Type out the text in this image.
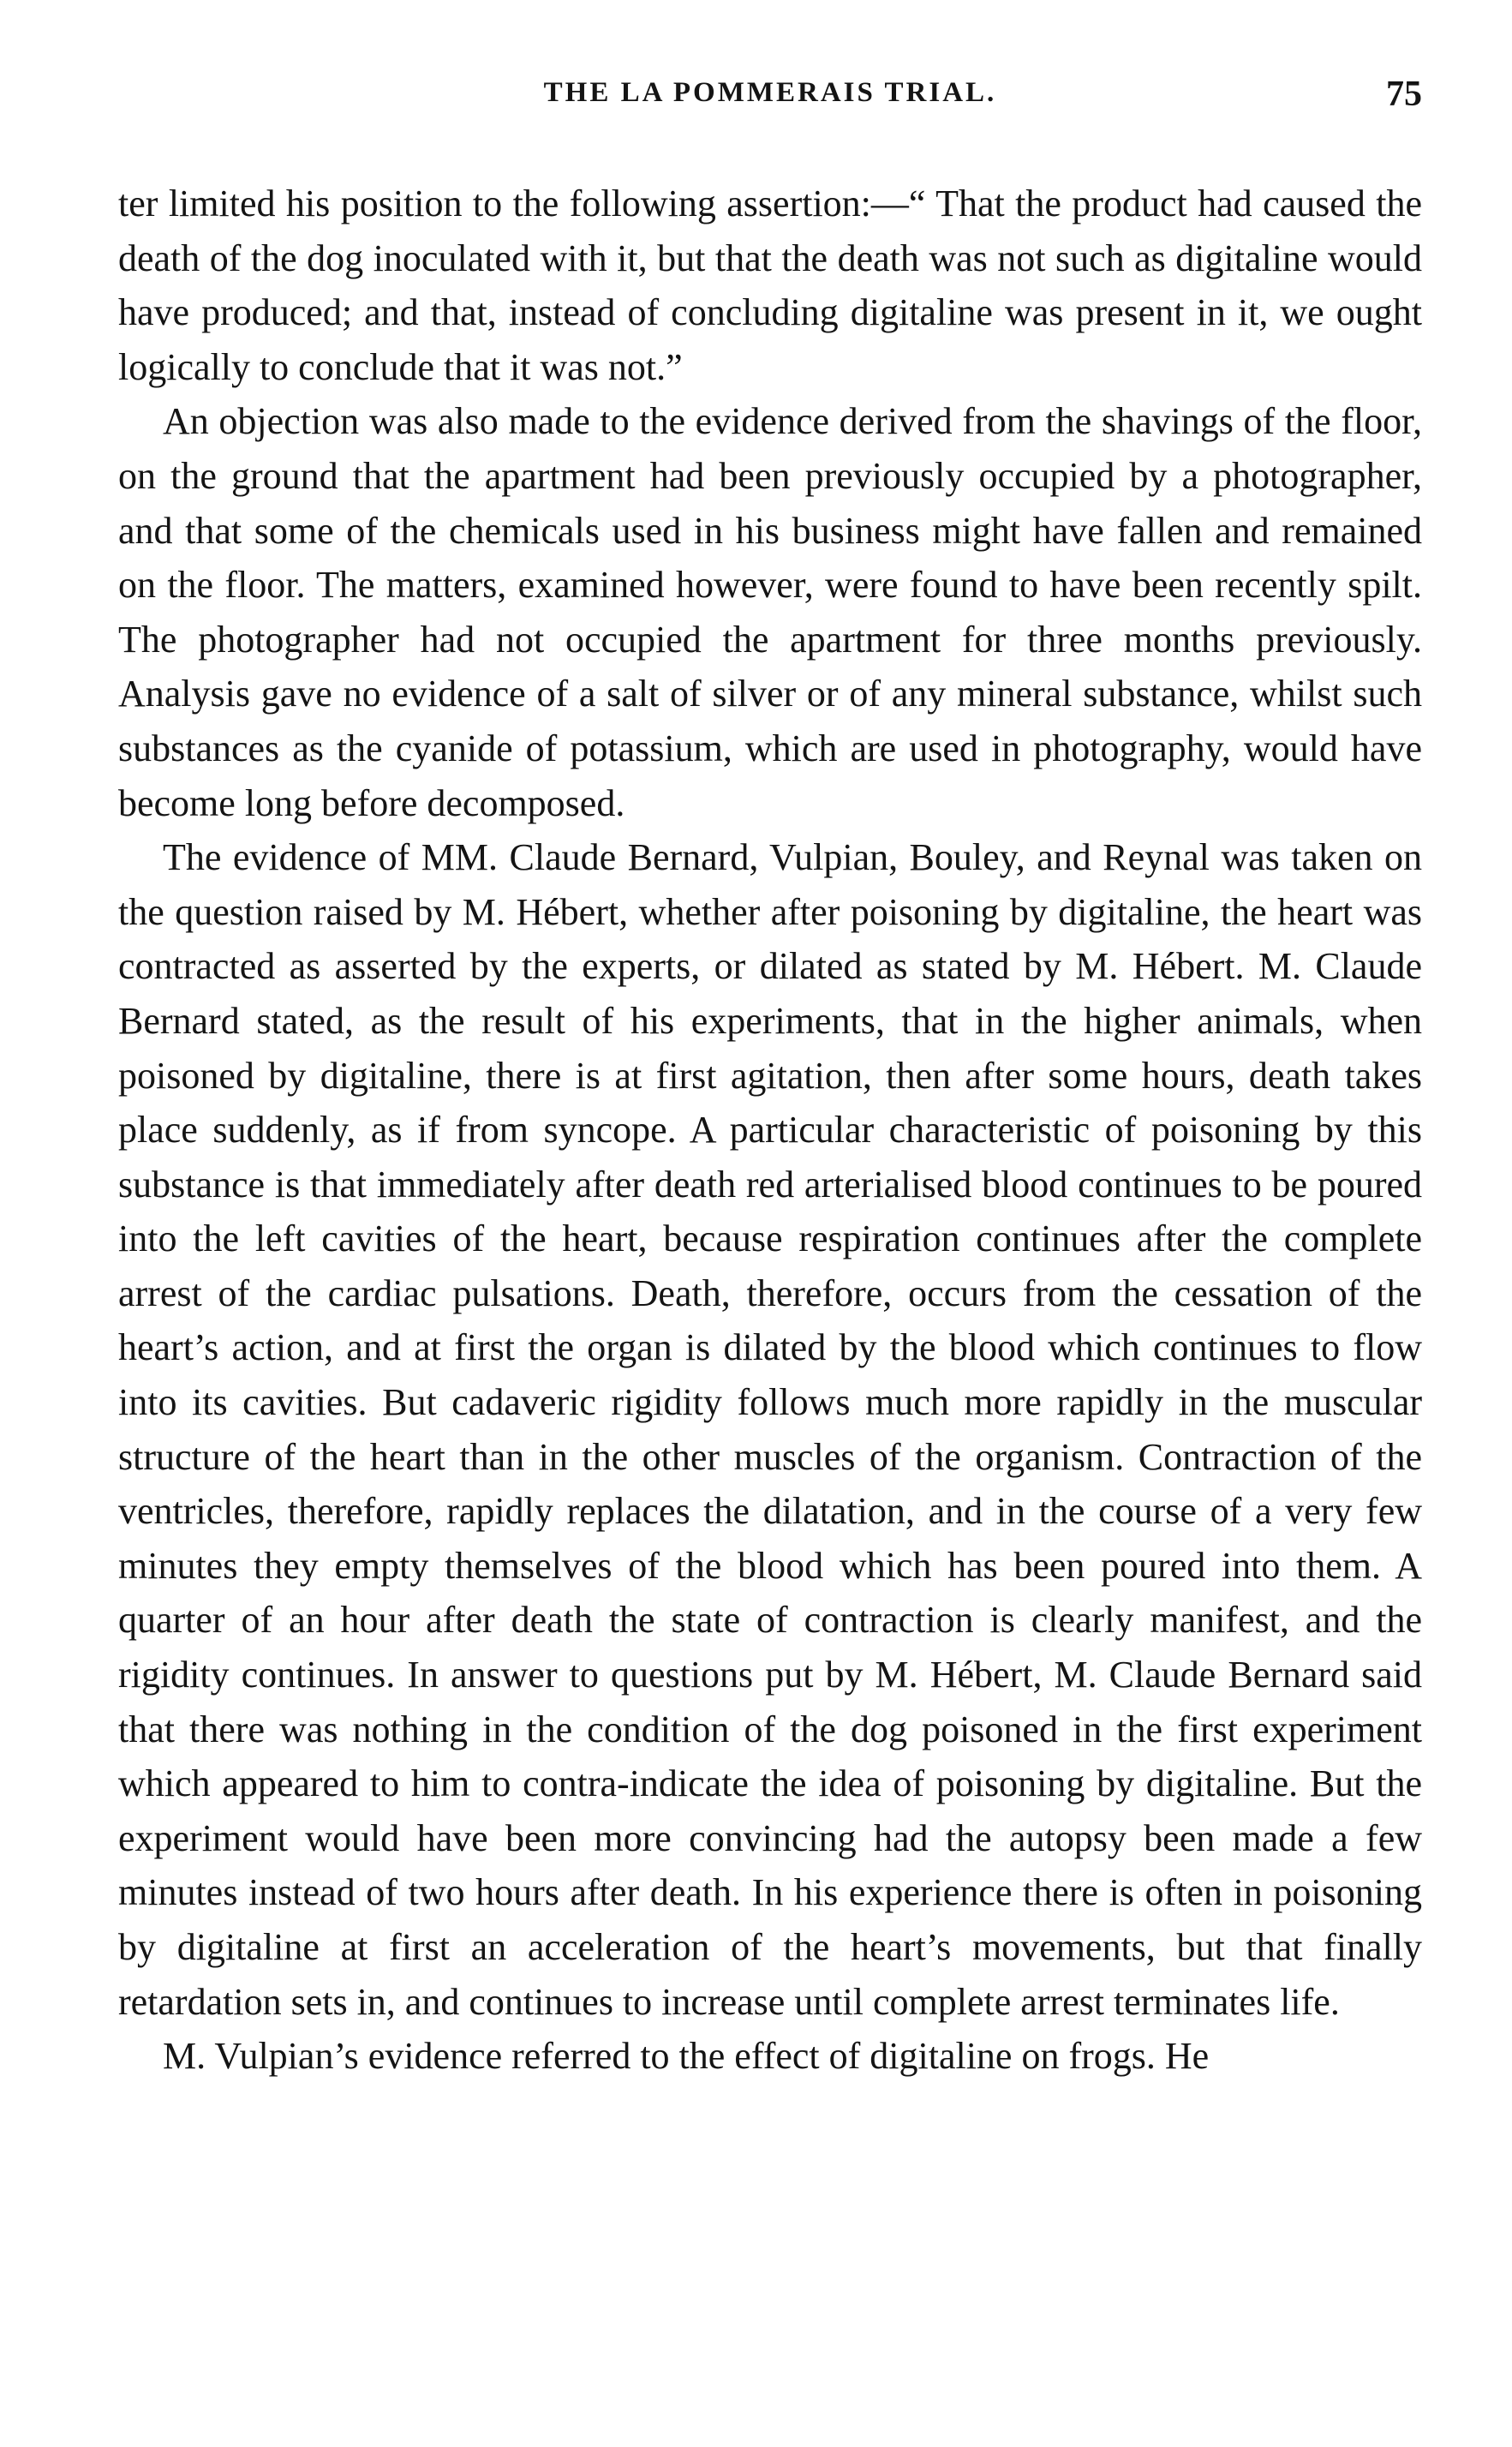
THE LA POMMERAIS TRIAL.	75

ter limited his position to the following assertion:—“ That the product had caused the death of the dog inoculated with it, but that the death was not such as digitaline would have produced; and that, instead of concluding digitaline was present in it, we ought logically to conclude that it was not.”

An objection was also made to the evidence derived from the shavings of the floor, on the ground that the apartment had been previously occupied by a photographer, and that some of the chemicals used in his business might have fallen and remained on the floor. The matters, examined however, were found to have been recently spilt. The photographer had not occupied the apartment for three months previously. Analysis gave no evidence of a salt of silver or of any mineral substance, whilst such substances as the cyanide of potassium, which are used in photography, would have become long before decomposed.

The evidence of MM. Claude Bernard, Vulpian, Bouley, and Reynal was taken on the question raised by M. Hébert, whether after poisoning by digitaline, the heart was contracted as asserted by the experts, or dilated as stated by M. Hébert. M. Claude Bernard stated, as the result of his experiments, that in the higher animals, when poisoned by digitaline, there is at first agitation, then after some hours, death takes place suddenly, as if from syncope. A particular characteristic of poisoning by this substance is that immediately after death red arterialised blood continues to be poured into the left cavities of the heart, because respiration continues after the complete arrest of the cardiac pulsations. Death, therefore, occurs from the cessation of the heart’s action, and at first the organ is dilated by the blood which continues to flow into its cavities. But cadaveric rigidity follows much more rapidly in the muscular structure of the heart than in the other muscles of the organism. Contraction of the ventricles, therefore, rapidly replaces the dilatation, and in the course of a very few minutes they empty themselves of the blood which has been poured into them. A quarter of an hour after death the state of contraction is clearly manifest, and the rigidity continues. In answer to questions put by M. Hébert, M. Claude Bernard said that there was nothing in the condition of the dog poisoned in the first experiment which appeared to him to contra-indicate the idea of poisoning by digitaline. But the experiment would have been more convincing had the autopsy been made a few minutes instead of two hours after death. In his experience there is often in poisoning by digitaline at first an acceleration of the heart’s movements, but that finally retardation sets in, and continues to increase until complete arrest terminates life.

M. Vulpian’s evidence referred to the effect of digitaline on frogs. He
